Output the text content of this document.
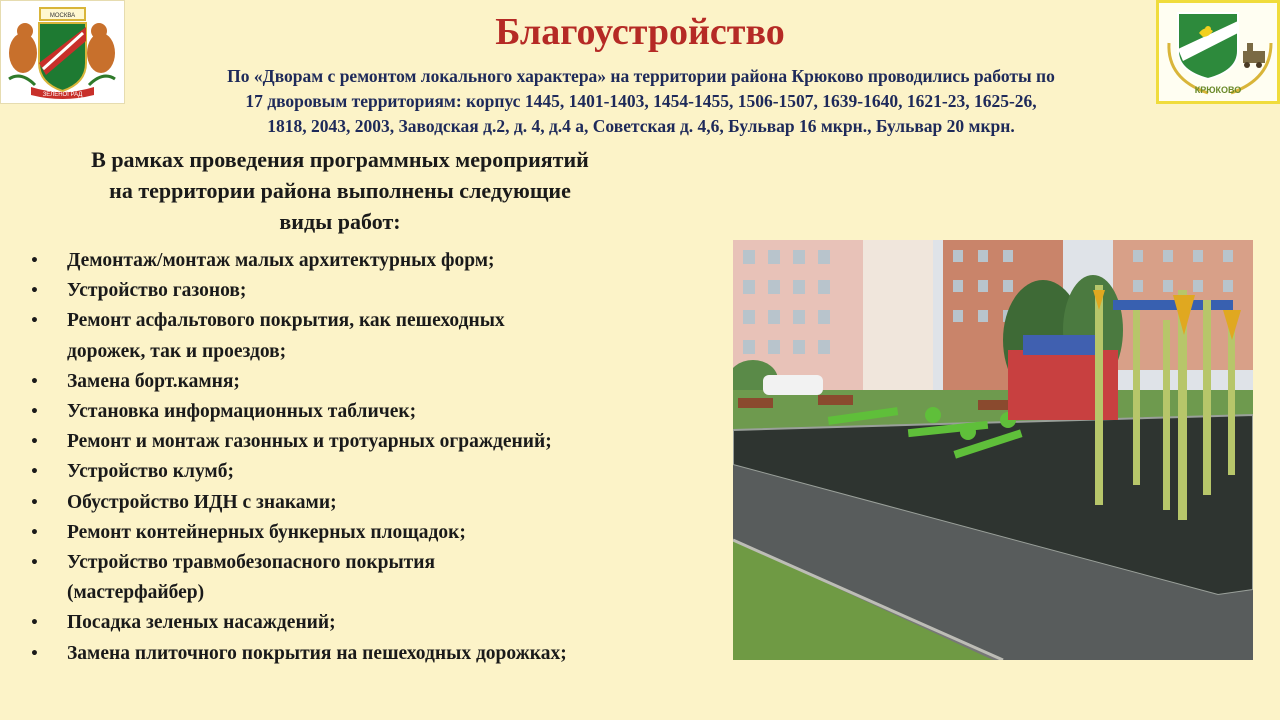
МОСКВА
ЗЕЛЕНОГРАД	КРЮКОВО
Благоустройство
По «Дворам с ремонтом локального характера» на территории района Крюково проводились работы по
17 дворовым территориям: корпус 1445, 1401-1403, 1454-1455, 1506-1507, 1639-1640, 1621-23, 1625-26,
1818, 2043, 2003, Заводская д.2, д. 4, д.4 а, Советская д. 4,6, Бульвар 16 мкрн., Бульвар 20 мкрн.
В рамках проведения программных мероприятий
на территории района выполнены следующие
виды работ:
• Демонтаж/монтаж малых архитектурных форм;
• Устройство газонов;
• Ремонт асфальтового покрытия, как пешеходных
дорожек, так и проездов;
• Замена борт.камня;
• Установка информационных табличек;
• Ремонт и монтаж газонных и тротуарных ограждений;
• Устройство клумб;
• Обустройство ИДН с знаками;
• Ремонт контейнерных бункерных площадок;
• Устройство травмобезопасного покрытия
(мастерфайбер)
• Посадка зеленых насаждений;
• Замена плиточного покрытия на пешеходных дорожках;
